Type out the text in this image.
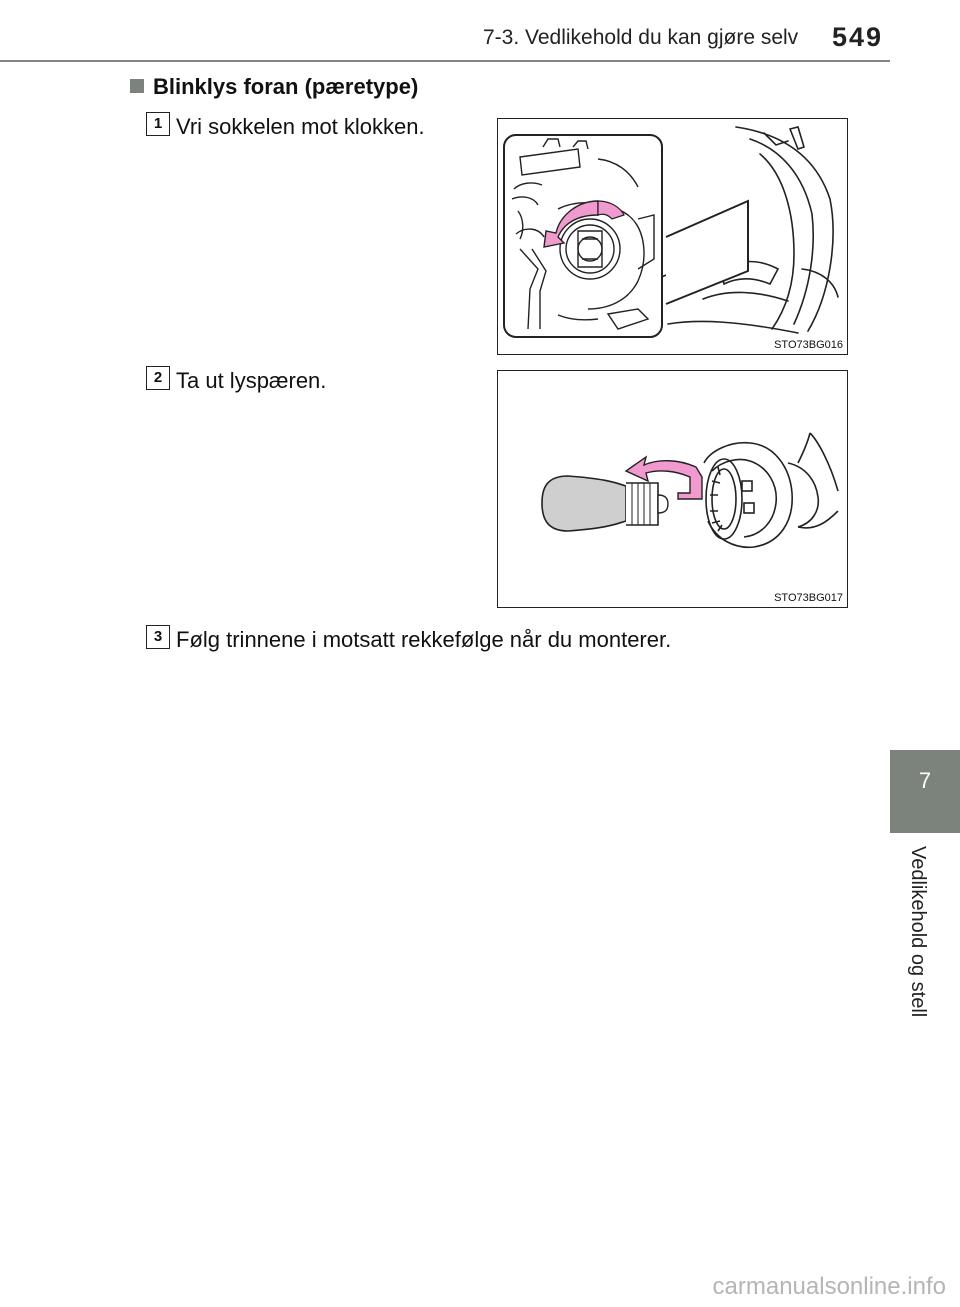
7-3. Vedlikehold du kan gjøre selv 549
7
Vedlikehold og stell
Blinklys foran (pæretype)
1 Vri sokkelen mot klokken.
STO73BG016
2 Ta ut lyspæren.
STO73BG017
3 Følg trinnene i motsatt rekkefølge når du monterer.
carmanualsonline.info
